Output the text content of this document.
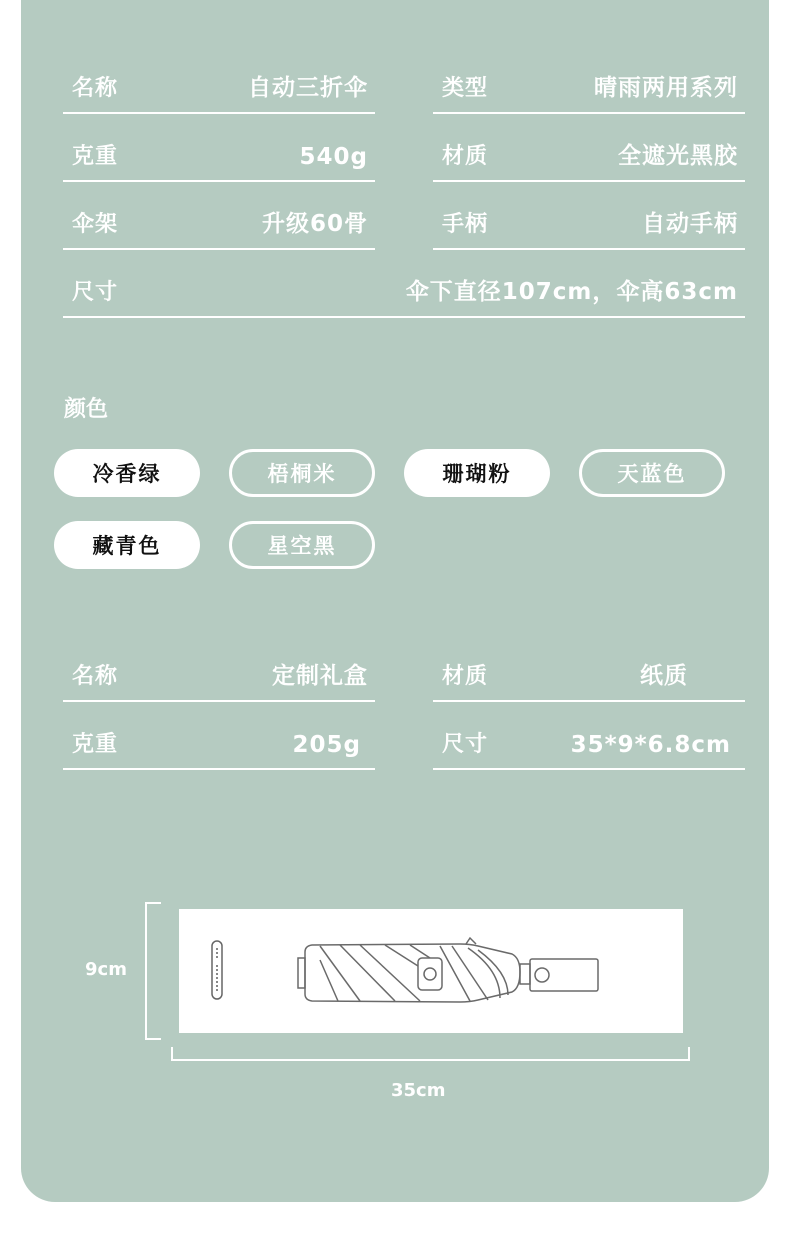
名称	自动三折伞	类型	晴雨两用系列
克重	540g	材质	全遮光黑胶
伞架	升级60骨	手柄	自动手柄
尺寸	伞下直径107cm，伞高63cm
颜色
冷香绿	梧桐米	珊瑚粉	天蓝色
藏青色	星空黑
名称	定制礼盒	材质	纸质
克重	205g	尺寸	35*9*6.8cm
9cm
35cm
